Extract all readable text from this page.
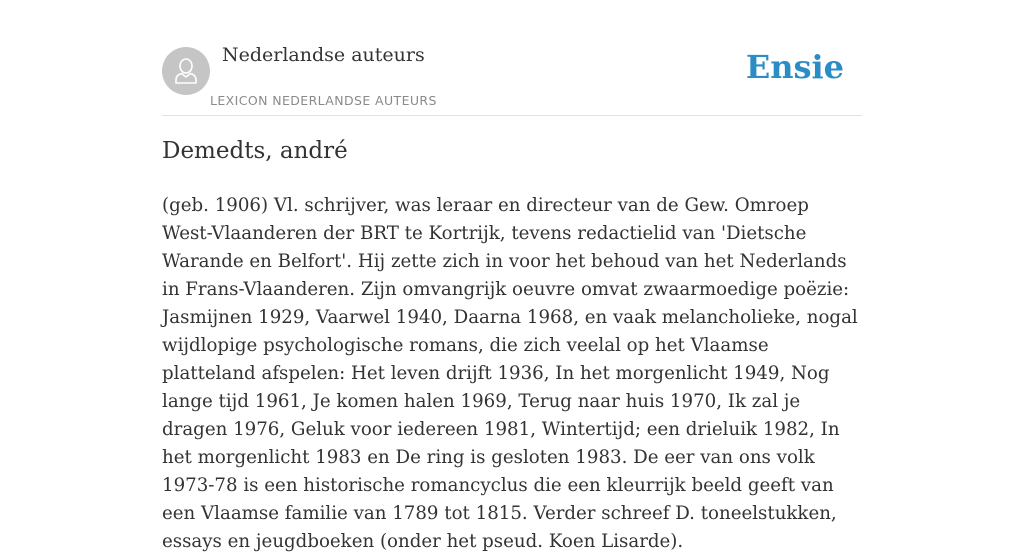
Nederlandse auteurs
LEXICON NEDERLANDSE AUTEURS
Ensie
Demedts, andré

(geb. 1906) Vl. schrijver, was leraar en directeur van de Gew. Omroep West-Vlaanderen der BRT te Kortrijk, tevens redactielid van 'Dietsche Warande en Belfort'. Hij zette zich in voor het behoud van het Nederlands in Frans-Vlaanderen. Zijn omvangrijk oeuvre omvat zwaarmoedige poëzie: Jasmijnen 1929, Vaarwel 1940, Daarna 1968, en vaak melancholieke, nogal wijdlopige psychologische romans, die zich veelal op het Vlaamse platteland afspelen: Het leven drijft 1936, In het morgenlicht 1949, Nog lange tijd 1961, Je komen halen 1969, Terug naar huis 1970, Ik zal je dragen 1976, Geluk voor iedereen 1981, Wintertijd; een drieluik 1982, In het morgenlicht 1983 en De ring is gesloten 1983. De eer van ons volk 1973-78 is een historische romancyclus die een kleurrijk beeld geeft van een Vlaamse familie van 1789 tot 1815. Verder schreef D. toneelstukken, essays en jeugdboeken (onder het pseud. Koen Lisarde).
